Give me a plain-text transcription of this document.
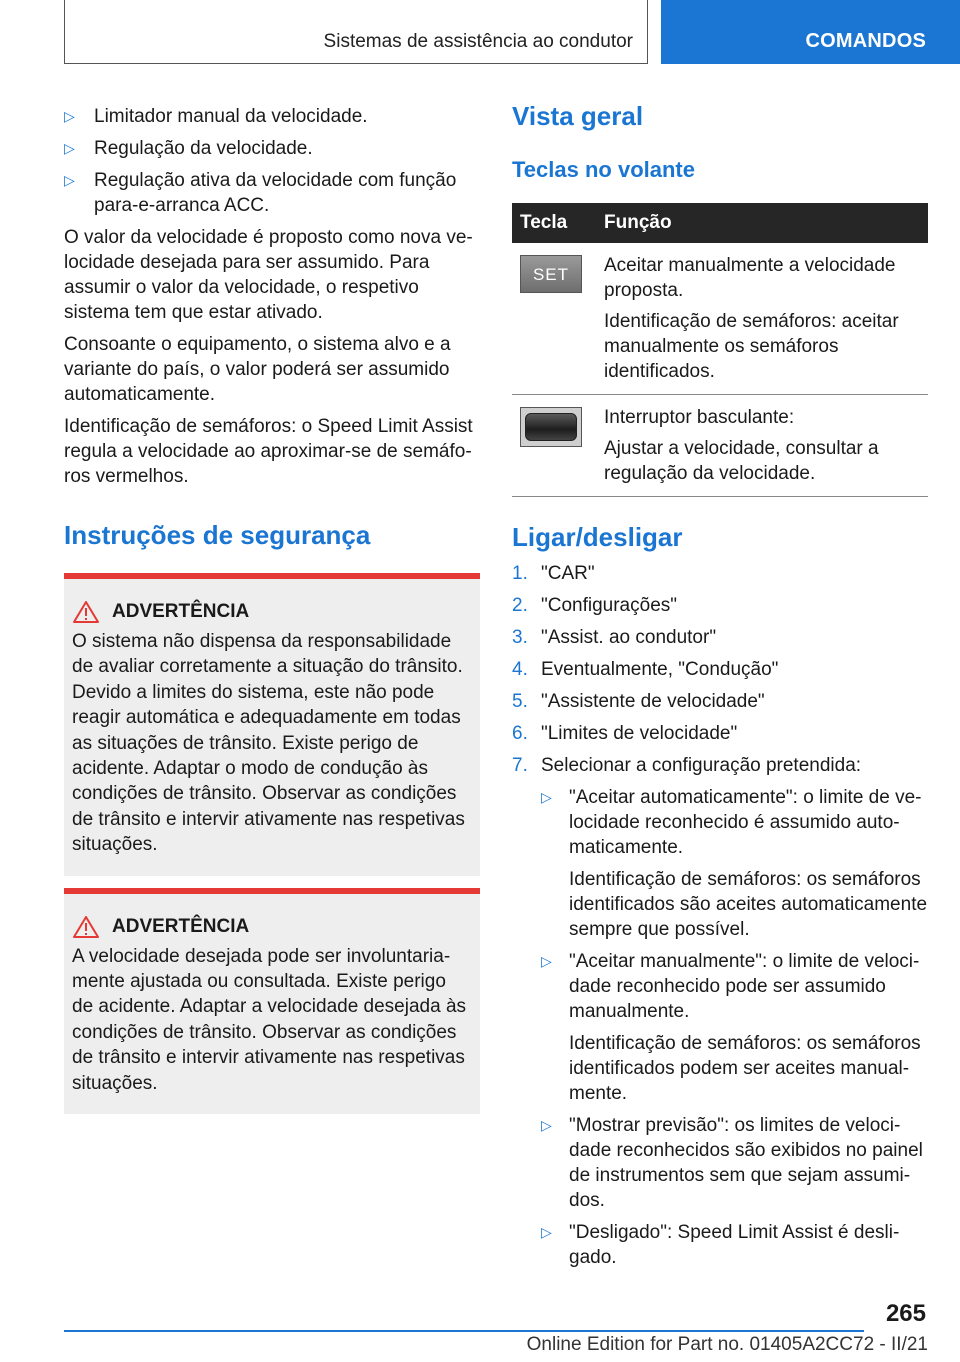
Sistemas de assistência ao condutor	COMANDOS
▷ Limitador manual da velocidade.
▷ Regulação da velocidade.
▷ Regulação ativa da velocidade com função para-e-arranca ACC.

O valor da velocidade é proposto como nova velocidade desejada para ser assumido. Para assumir o valor da velocidade, o respetivo sistema tem que estar ativado.

Consoante o equipamento, o sistema alvo e a variante do país, o valor poderá ser assumido automaticamente.

Identificação de semáforos: o Speed Limit Assist regula a velocidade ao aproximar-se de semáforos vermelhos.

Instruções de segurança
ADVERTÊNCIA
O sistema não dispensa da responsabilidade de avaliar corretamente a situação do trânsito. Devido a limites do sistema, este não pode reagir automática e adequadamente em todas as situações de trânsito. Existe perigo de acidente. Adaptar o modo de condução às condições de trânsito. Observar as condições de trânsito e intervir ativamente nas respetivas situações.
ADVERTÊNCIA
A velocidade desejada pode ser involuntariamente ajustada ou consultada. Existe perigo de acidente. Adaptar a velocidade desejada às condições de trânsito. Observar as condições de trânsito e intervir ativamente nas respetivas situações.
Vista geral
Teclas no volante
Tecla	Função

SET	Aceitar manualmente a velocidade proposta.
Identificação de semáforos: aceitar manualmente os semáforos identificados.

	Interruptor basculante:
Ajustar a velocidade, consultar a regulação da velocidade.
Ligar/desligar
1. "CAR"
2. "Configurações"
3. "Assist. ao condutor"
4. Eventualmente, "Condução"
5. "Assistente de velocidade"
6. "Limites de velocidade"
7. Selecionar a configuração pretendida:
▷ "Aceitar automaticamente": o limite de velocidade reconhecido é assumido automaticamente.
Identificação de semáforos: os semáforos identificados são aceites automaticamente sempre que possível.
▷ "Aceitar manualmente": o limite de velocidade reconhecido pode ser assumido manualmente.
Identificação de semáforos: os semáforos identificados podem ser aceites manualmente.
▷ "Mostrar previsão": os limites de velocidade reconhecidos são exibidos no painel de instrumentos sem que sejam assumidos.
▷ "Desligado": Speed Limit Assist é desligado.
265
Online Edition for Part no. 01405A2CC72 - II/21
